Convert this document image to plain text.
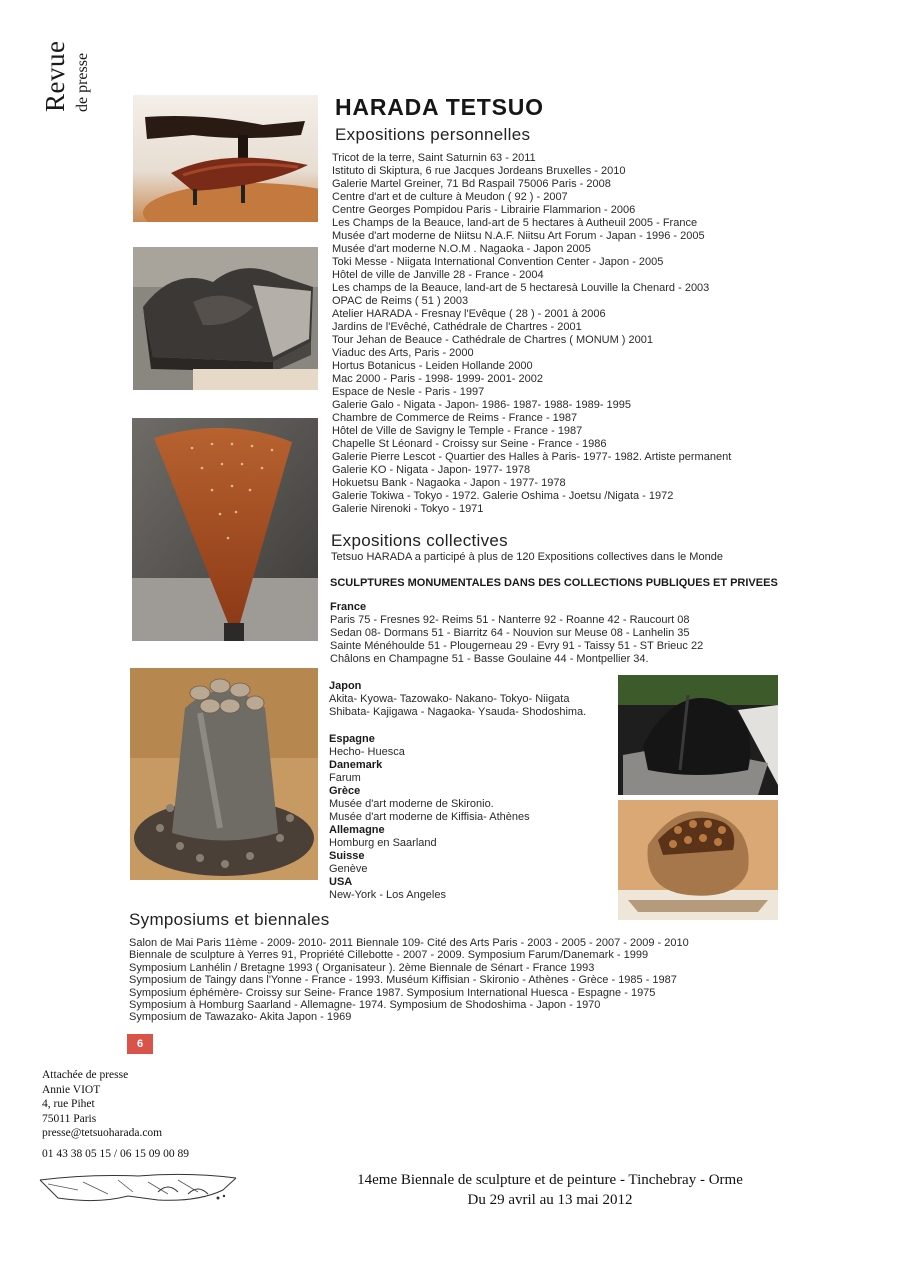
Revue de presse	HARADA TETSUO
Expositions personnelles
Tricot de la terre, Saint Saturnin 63 - 2011
Istituto di Skiptura, 6 rue Jacques Jordeans Bruxelles - 2010
Galerie Martel Greiner, 71 Bd Raspail 75006 Paris - 2008
Centre d'art et de culture à Meudon ( 92 ) - 2007
Centre Georges Pompidou Paris - Librairie Flammarion - 2006
Les Champs de la Beauce, land-art de 5 hectares à Autheuil 2005 - France
Musée d'art moderne de Niitsu N.A.F. Niitsu Art Forum - Japan - 1996 - 2005
Musée d'art moderne N.O.M . Nagaoka - Japon 2005
Toki Messe - Niigata International Convention Center - Japon - 2005
Hôtel de ville de Janville 28 - France - 2004
Les champs de la Beauce, land-art de 5 hectaresà Louville la Chenard - 2003
OPAC de Reims ( 51 ) 2003
Atelier HARADA - Fresnay l'Evêque ( 28 ) - 2001 à 2006
Jardins de l'Evêché, Cathédrale de Chartres - 2001
Tour Jehan de Beauce - Cathédrale de Chartres ( MONUM ) 2001
Viaduc des Arts, Paris - 2000
Hortus Botanicus - Leiden Hollande 2000
Mac 2000 - Paris - 1998- 1999- 2001- 2002
Espace de Nesle - Paris - 1997
Galerie Galo - Nigata - Japon- 1986- 1987- 1988- 1989- 1995
Chambre de Commerce de Reims - France - 1987
Hôtel de Ville de Savigny le Temple - France - 1987
Chapelle St Léonard - Croissy sur Seine - France - 1986
Galerie Pierre Lescot - Quartier des Halles à Paris- 1977- 1982. Artiste permanent
Galerie KO - Nigata - Japon- 1977- 1978
Hokuetsu Bank - Nagaoka - Japon - 1977- 1978
Galerie Tokiwa - Tokyo - 1972. Galerie Oshima - Joetsu /Nigata - 1972
Galerie Nirenoki - Tokyo - 1971
Expositions collectives
Tetsuo HARADA a participé à plus de 120 Expositions collectives dans le Monde
SCULPTURES MONUMENTALES DANS DES COLLECTIONS PUBLIQUES ET PRIVEES
France
Paris 75 - Fresnes 92- Reims 51 - Nanterre 92 - Roanne 42 - Raucourt 08
Sedan 08- Dormans 51 - Biarritz 64 - Nouvion sur Meuse 08 - Lanhelin 35
Sainte Ménéhoulde 51 - Plougerneau 29 - Evry 91 - Taissy 51 - ST Brieuc 22
Châlons en Champagne 51 - Basse Goulaine 44 - Montpellier 34.
Japon
Akita- Kyowa- Tazowako- Nakano- Tokyo- Niigata
Shibata- Kajigawa - Nagaoka- Ysauda- Shodoshima.
Espagne
Hecho- Huesca
Danemark
Farum
Grèce
Musée d'art moderne de Skironio.
Musée d'art moderne de Kiffisia- Athènes
Allemagne
Homburg en Saarland
Suisse
Genève
USA
New-York - Los Angeles
Symposiums et biennales
Salon de Mai Paris 11ème - 2009- 2010- 2011 Biennale 109- Cité des Arts Paris - 2003 - 2005 - 2007 - 2009 - 2010
Biennale de sculpture à Yerres 91, Propriété Cillebotte - 2007 - 2009. Symposium Farum/Danemark - 1999
Symposium Lanhélin / Bretagne 1993 ( Organisateur ). 2ème Biennale de Sénart - France 1993
Symposium de Taingy dans l'Yonne - France - 1993. Muséum Kiffisian - Skironio - Athènes - Grèce - 1985 - 1987
Symposium éphémère- Croissy sur Seine- France 1987. Symposium International Huesca - Espagne - 1975
Symposium à Homburg Saarland - Allemagne- 1974. Symposium de Shodoshima - Japon - 1970
Symposium de Tawazako- Akita Japon - 1969
6
Attachée de presse
Annie VIOT
4, rue Pihet
75011 Paris
presse@tetsuoharada.com
01 43 38 05 15 / 06 15 09 00 89
14eme Biennale de sculpture et de peinture - Tinchebray - Orme
Du 29 avril au 13 mai 2012
